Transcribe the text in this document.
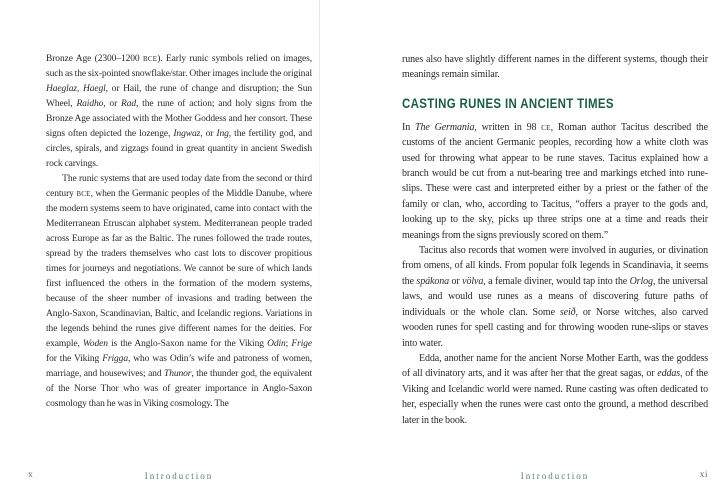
Bronze Age (2300–1200 bce). Early runic symbols relied on images, such as the six-pointed snowflake/star. Other images include the original Haeglaz, Haegl, or Hail, the rune of change and disruption; the Sun Wheel, Raidho, or Rad, the rune of action; and holy signs from the Bronze Age associated with the Mother Goddess and her consort. These signs often depicted the lozenge, Ingwaz, or Ing, the fertility god, and circles, spirals, and zigzags found in great quantity in ancient Swedish rock carvings.

The runic systems that are used today date from the second or third century bce, when the Germanic peoples of the Middle Danube, where the modern systems seem to have originated, came into contact with the Mediterranean Etruscan alphabet system. Mediterranean people traded across Europe as far as the Baltic. The runes followed the trade routes, spread by the traders themselves who cast lots to discover propitious times for journeys and negotiations. We cannot be sure of which lands first influenced the others in the formation of the modern systems, because of the sheer number of invasions and trading between the Anglo-Saxon, Scandinavian, Baltic, and Icelandic regions. Variations in the legends behind the runes give different names for the deities. For example, Woden is the Anglo-Saxon name for the Viking Odin; Frige for the Viking Frigga, who was Odin’s wife and patroness of women, marriage, and housewives; and Thunor, the thunder god, the equivalent of the Norse Thor who was of greater importance in Anglo-Saxon cosmology than he was in Viking cosmology. The

runes also have slightly different names in the different systems, though their meanings remain similar.

CASTING RUNES IN ANCIENT TIMES

In The Germania, written in 98 ce, Roman author Tacitus described the customs of the ancient Germanic peoples, recording how a white cloth was used for throwing what appear to be rune staves. Tacitus explained how a branch would be cut from a nut-bearing tree and markings etched into rune-slips. These were cast and interpreted either by a priest or the father of the family or clan, who, according to Tacitus, “offers a prayer to the gods and, looking up to the sky, picks up three strips one at a time and reads their meanings from the signs previously scored on them.”

Tacitus also records that women were involved in auguries, or divination from omens, of all kinds. From popular folk legends in Scandinavia, it seems the spákona or völva, a female diviner, would tap into the Orlog, the universal laws, and would use runes as a means of discovering future paths of individuals or the whole clan. Some seið, or Norse witches, also carved wooden runes for spell casting and for throwing wooden rune-slips or staves into water.

Edda, another name for the ancient Norse Mother Earth, was the goddess of all divinatory arts, and it was after her that the great sagas, or eddas, of the Viking and Icelandic world were named. Rune casting was often dedicated to her, especially when the runes were cast onto the ground, a method described later in the book.

x	Introduction	Introduction	xi
